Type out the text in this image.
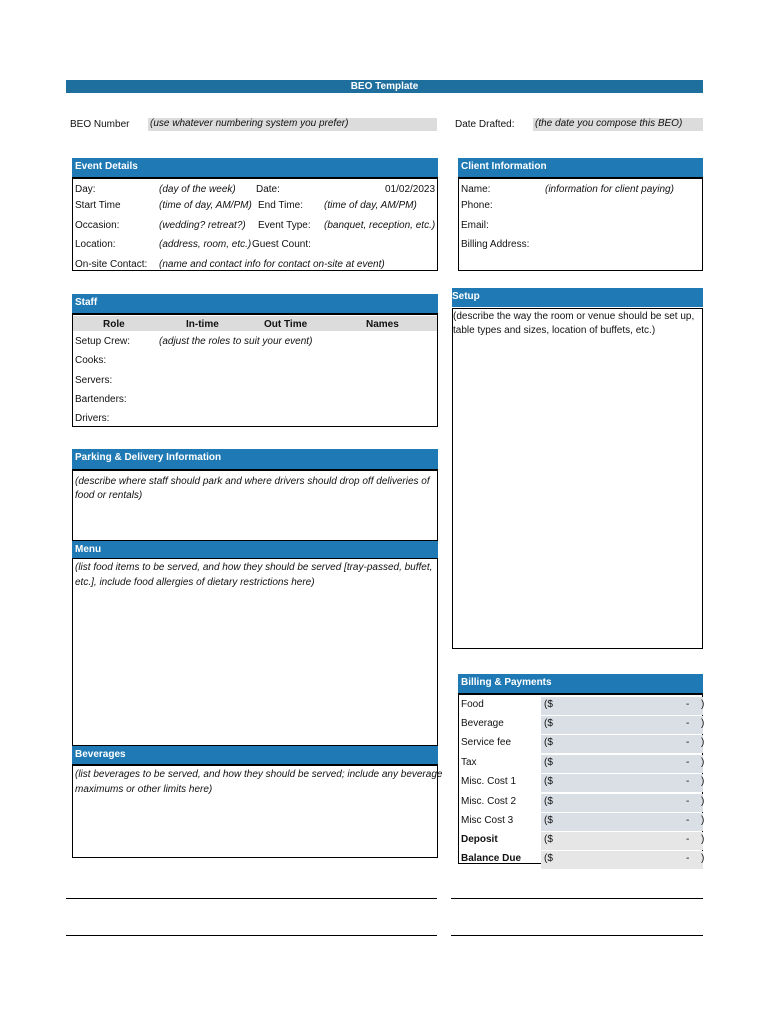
BEO Template
BEO Number (use whatever numbering system you prefer)	Date Drafted: (the date you compose this BEO)
Event Details
Day:	(day of the week) Date:	01/02/2023
Start Time	(time of day, AM/PM) End Time: (time of day, AM/PM)
Occasion:	(wedding? retreat?) Event Type: (banquet, reception, etc.)
Location:	(address, room, etc.) Guest Count:
On-site Contact: (name and contact info for contact on-site at event)
Client Information
Name:	(information for client paying)
Phone:
Email:
Billing Address:
Staff
Role	In-time	Out Time	Names
Setup Crew:	(adjust the roles to suit your event)
Cooks:
Servers:
Bartenders:
Drivers:
Setup
(describe the way the room or venue should be set up,
table types and sizes, location of buffets, etc.)
Parking & Delivery Information
(describe where staff should park and where drivers should drop off deliveries of
food or rentals)
Menu
(list food items to be served, and how they should be served [tray-passed, buffet,
etc.], include food allergies of dietary restrictions here)
Beverages
(list beverages to be served, and how they should be served; include any beverage
maximums or other limits here)
Billing & Payments
Food	($	- )
Beverage	($	- )
Service fee	($	- )
Tax	($	- )
Misc. Cost 1	($	- )
Misc. Cost 2	($	- )
Misc Cost 3	($	- )
Deposit	($	- )
Balance Due ($	- )
